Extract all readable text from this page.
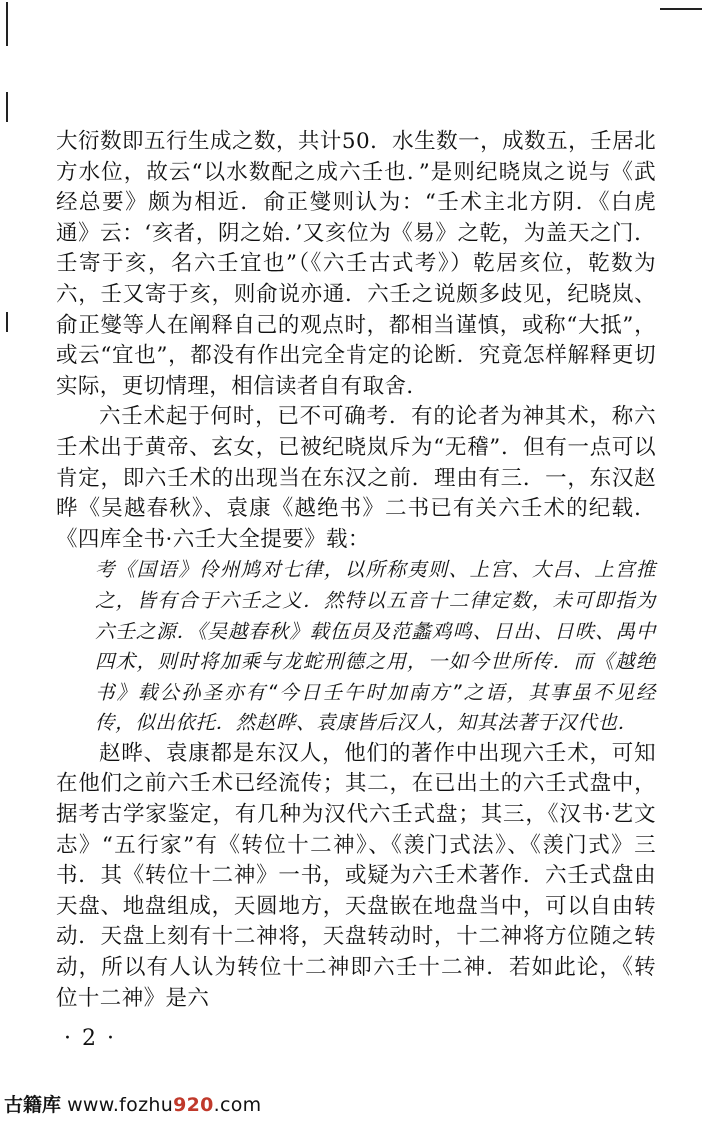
大衍数即五行生成之数，共计50．水生数一，成数五，壬居北方水位，故云“以水数配之成六壬也．”是则纪晓岚之说与《武经总要》颇为相近．俞正燮则认为：“壬术主北方阴．《白虎通》云：‘亥者，阴之始．’又亥位为《易》之乾，为盖天之门．壬寄于亥，名六壬宜也”（《六壬古式考》）乾居亥位，乾数为六，壬又寄于亥，则俞说亦通．六壬之说颇多歧见，纪晓岚、俞正燮等人在阐释自己的观点时，都相当谨慎，或称“大抵”，或云“宜也”，都没有作出完全肯定的论断．究竟怎样解释更切实际，更切情理，相信读者自有取舍．

六壬术起于何时，已不可确考．有的论者为神其术，称六壬术出于黄帝、玄女，已被纪晓岚斥为“无稽”．但有一点可以肯定，即六壬术的出现当在东汉之前．理由有三．一，东汉赵晔《吴越春秋》、袁康《越绝书》二书已有关六壬术的纪载．《四库全书·六壬大全提要》载：

考《国语》伶州鸠对七律，以所称夷则、上宫、大吕、上宫推之，皆有合于六壬之义．然特以五音十二律定数，未可即指为六壬之源．《吴越春秋》载伍员及范蠡鸡鸣、日出、日昳、禺中四术，则时将加乘与龙蛇刑德之用，一如今世所传．而《越绝书》载公孙圣亦有“今日壬午时加南方”之语，其事虽不见经传，似出依托．然赵晔、袁康皆后汉人，知其法著于汉代也．

赵晔、袁康都是东汉人，他们的著作中出现六壬术，可知在他们之前六壬术已经流传；其二，在已出土的六壬式盘中，据考古学家鉴定，有几种为汉代六壬式盘；其三，《汉书·艺文志》“五行家”有《转位十二神》、《羡门式法》、《羡门式》三书．其《转位十二神》一书，或疑为六壬术著作．六壬式盘由天盘、地盘组成，天圆地方，天盘嵌在地盘当中，可以自由转动．天盘上刻有十二神将，天盘转动时，十二神将方位随之转动，所以有人认为转位十二神即六壬十二神．若如此论，《转位十二神》是六

· 2 ·
古籍库 www.fozhu920.com
